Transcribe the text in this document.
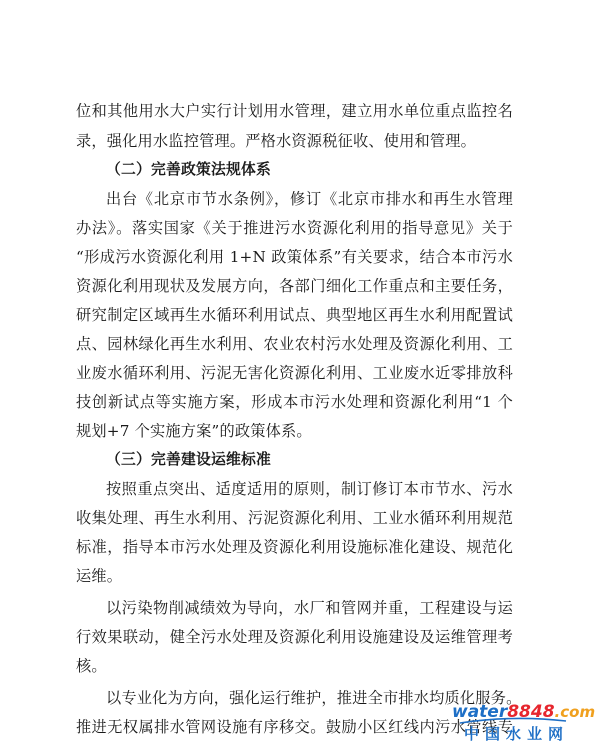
位和其他用水大户实行计划用水管理，建立用水单位重点监控名
录，强化用水监控管理。严格水资源税征收、使用和管理。
（二）完善政策法规体系
出台《北京市节水条例》，修订《北京市排水和再生水管理
办法》。落实国家《关于推进污水资源化利用的指导意见》关于
“形成污水资源化利用 1+N 政策体系”有关要求，结合本市污水
资源化利用现状及发展方向，各部门细化工作重点和主要任务，
研究制定区域再生水循环利用试点、典型地区再生水利用配置试
点、园林绿化再生水利用、农业农村污水处理及资源化利用、工
业废水循环利用、污泥无害化资源化利用、工业废水近零排放科
技创新试点等实施方案，形成本市污水处理和资源化利用“1 个
规划+7 个实施方案”的政策体系。
（三）完善建设运维标准
按照重点突出、适度适用的原则，制订修订本市节水、污水
收集处理、再生水利用、污泥资源化利用、工业水循环利用规范
标准，指导本市污水处理及资源化利用设施标准化建设、规范化
运维。
以污染物削减绩效为导向，水厂和管网并重，工程建设与运
行效果联动，健全污水处理及资源化利用设施建设及运维管理考
核。
以专业化为方向，强化运行维护，推进全市排水均质化服务。
推进无权属排水管网设施有序移交。鼓励小区红线内污水管线专
water8848.com
中国水业网
